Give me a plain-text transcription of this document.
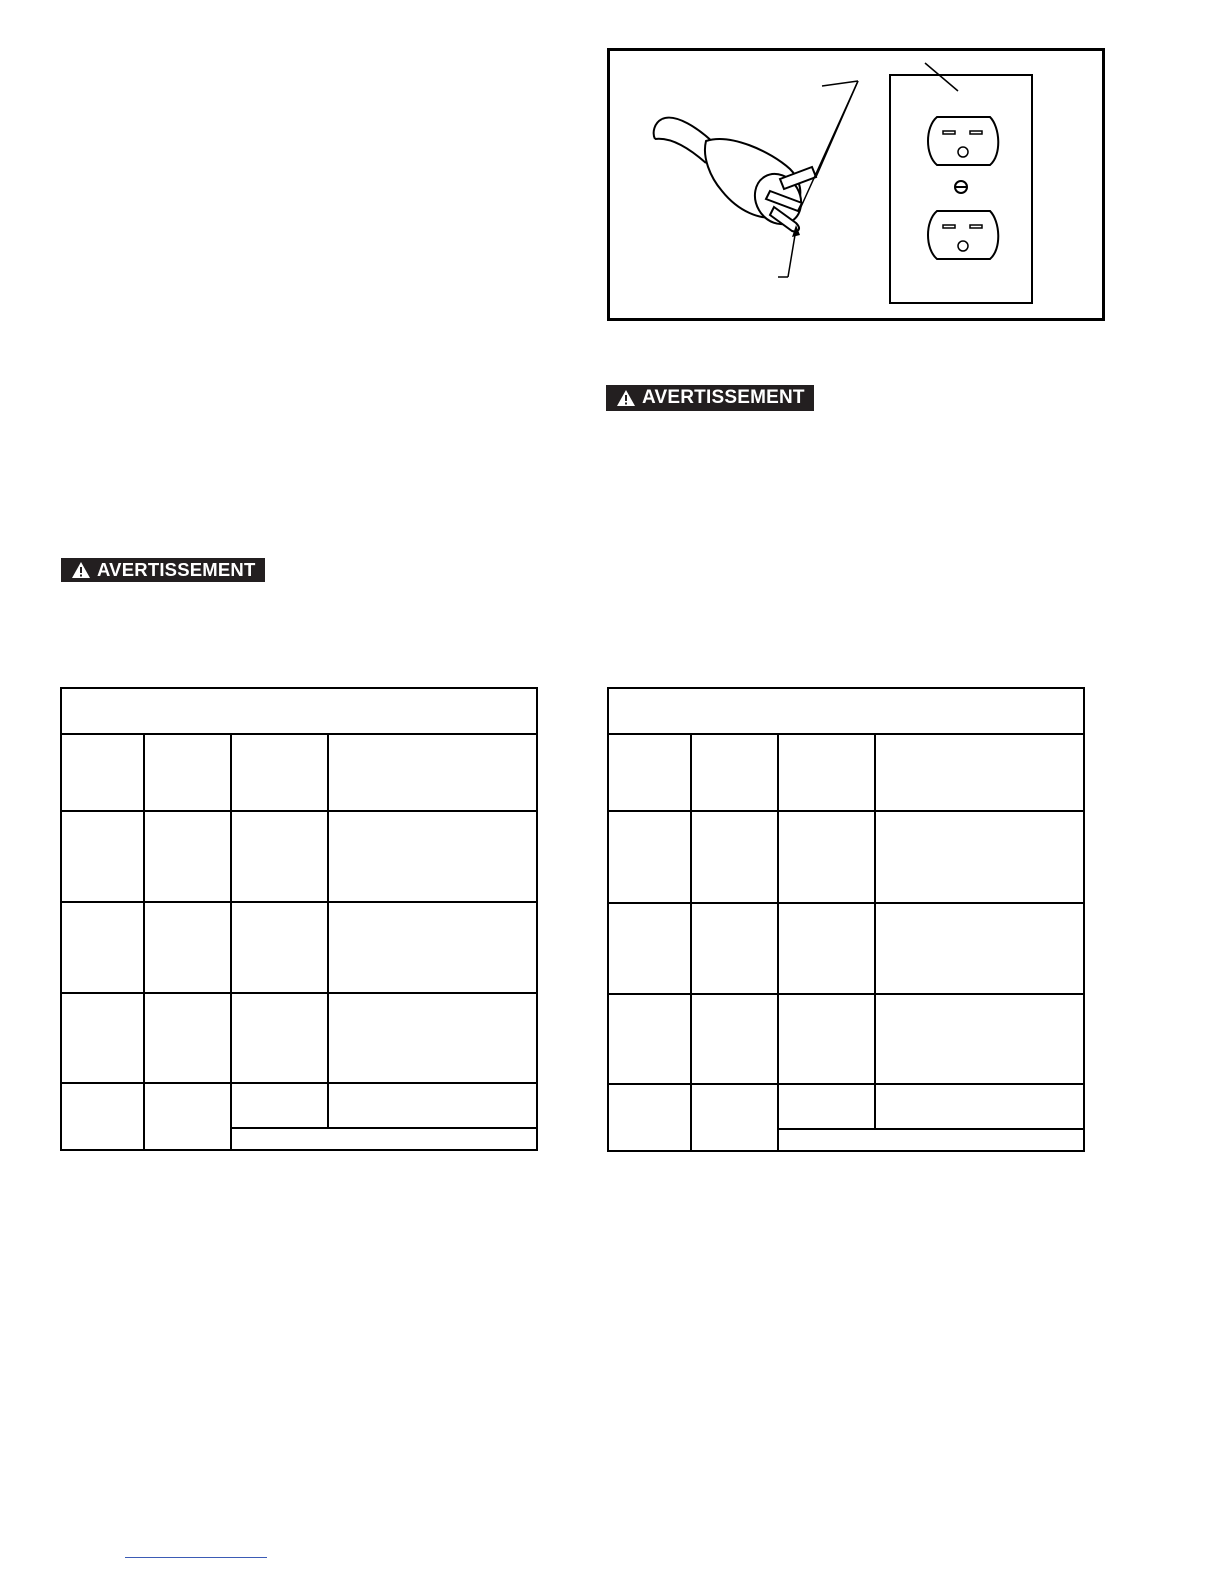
AVERTISSEMENT
AVERTISSEMENT
